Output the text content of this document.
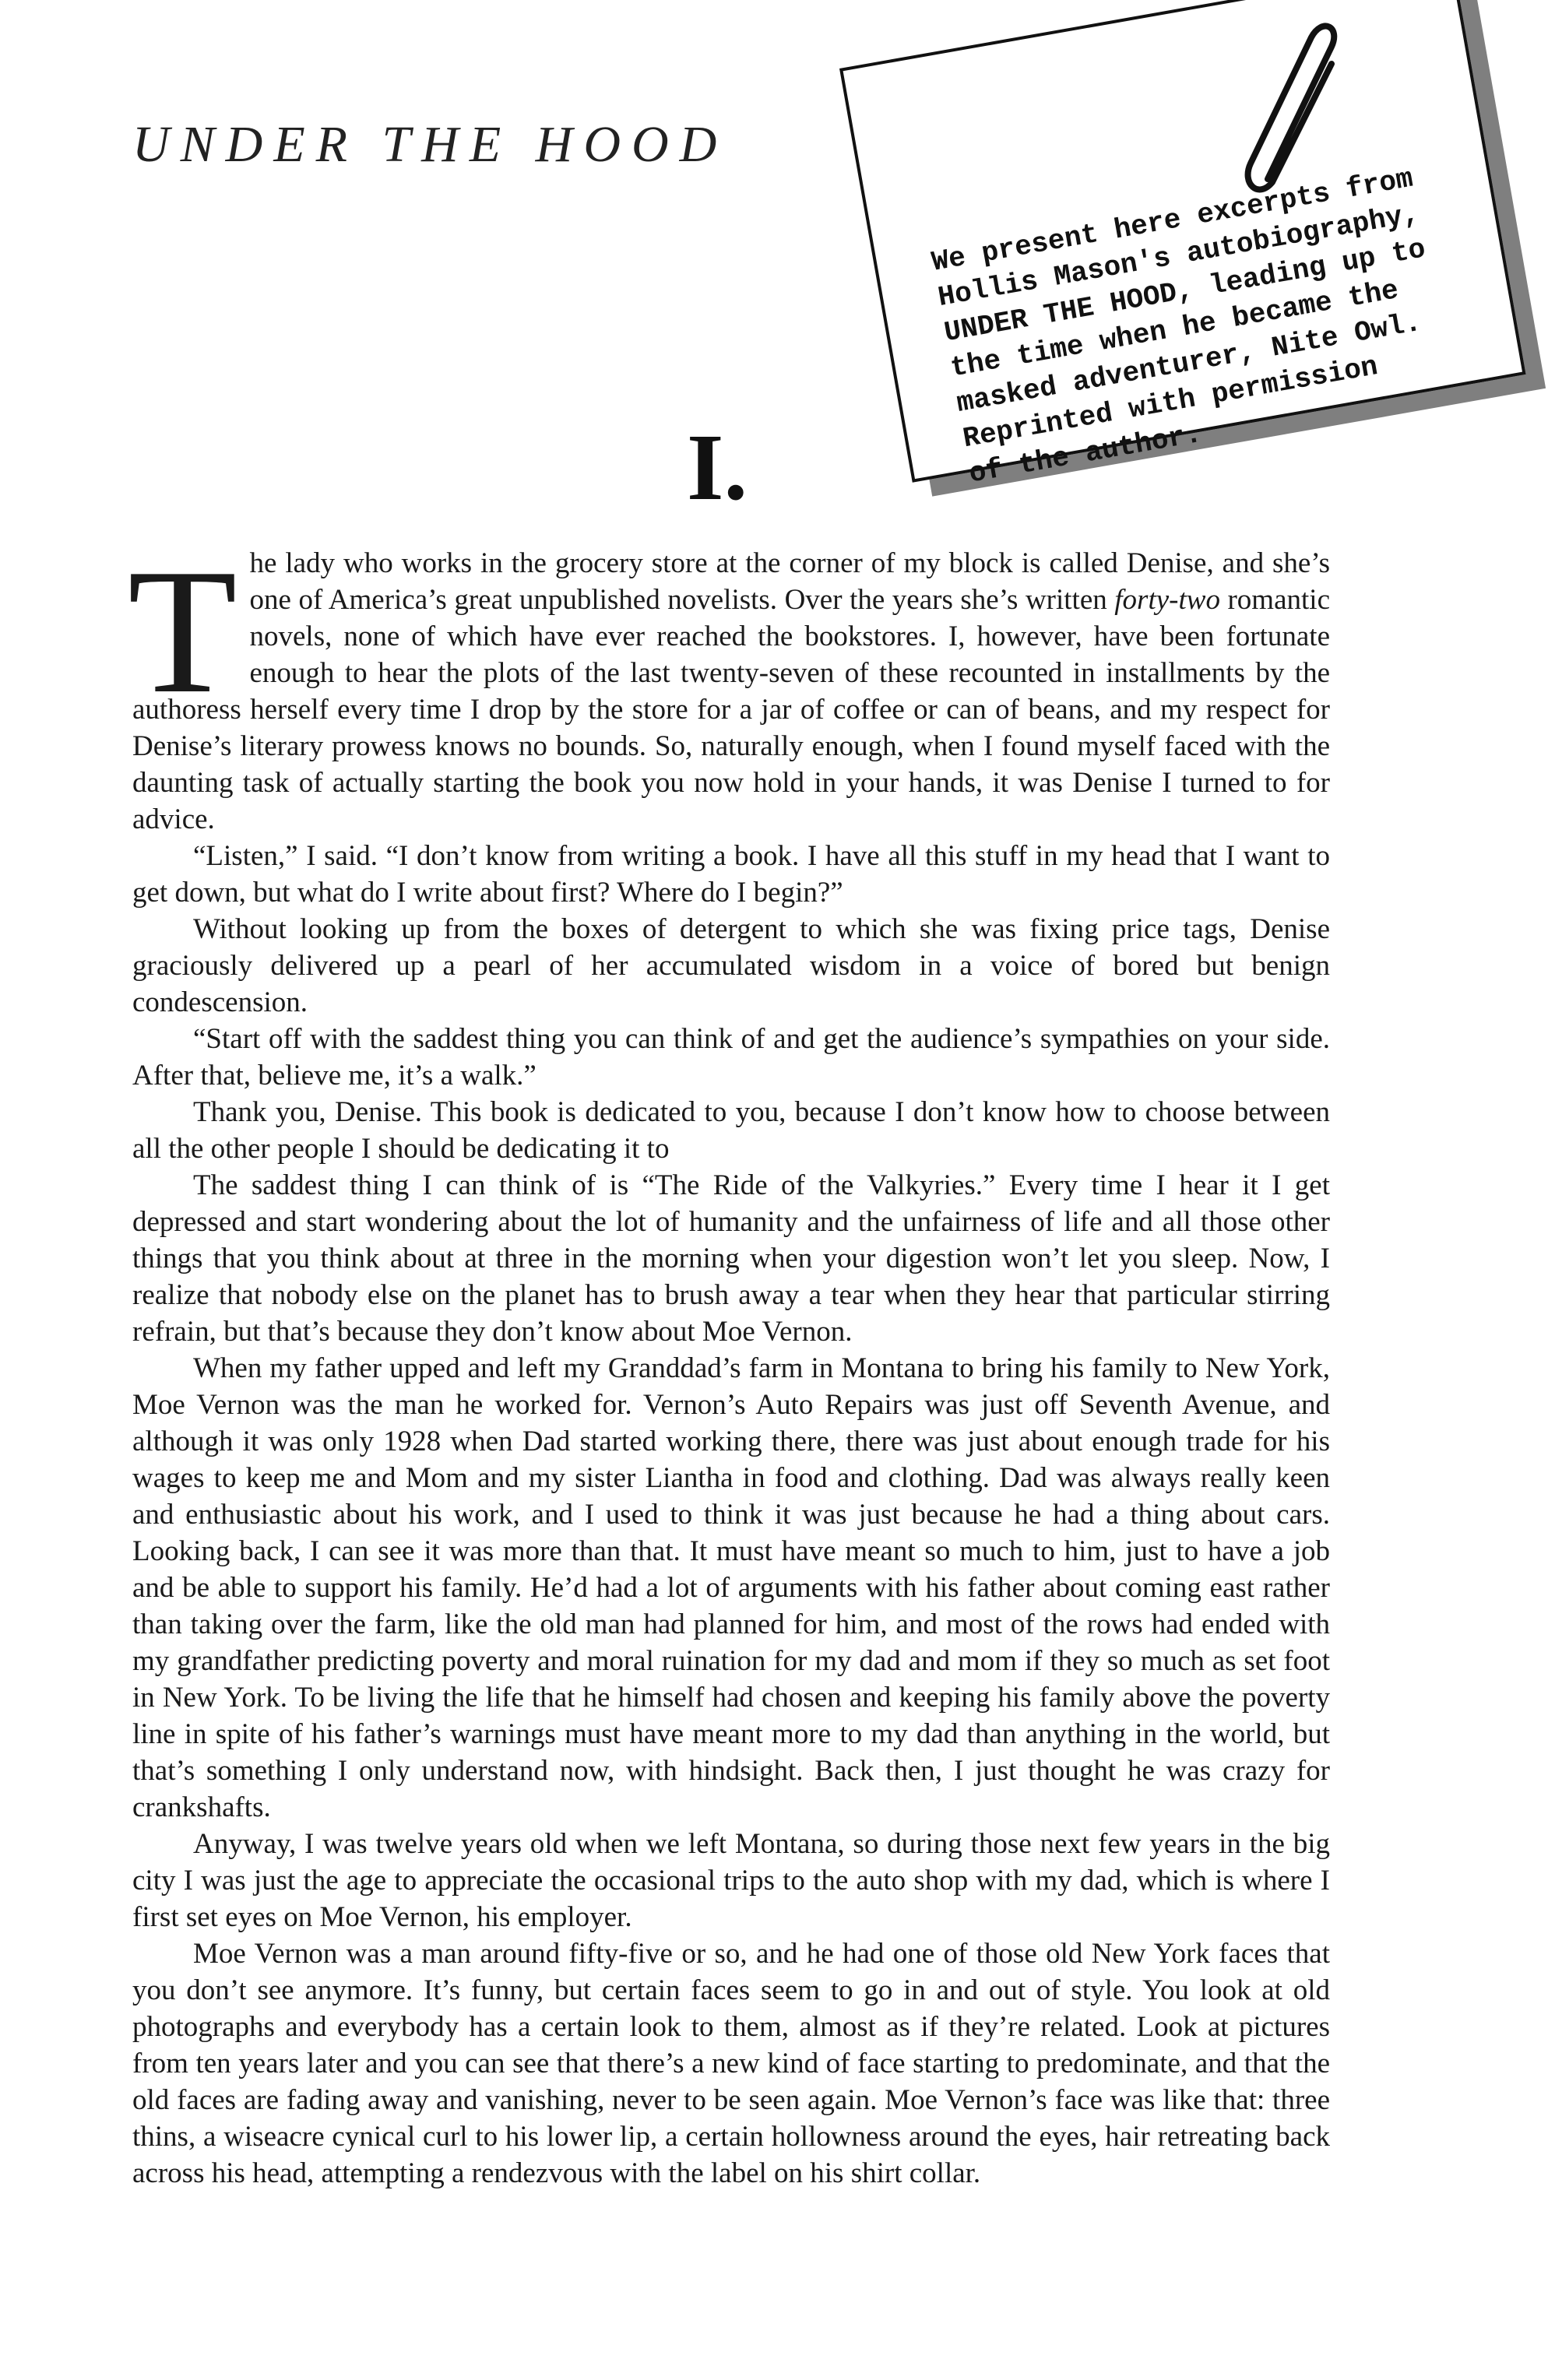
UNDER THE HOOD
I.

We present here excerpts from
Hollis Mason's autobiography,
UNDER THE HOOD, leading up to
the time when he became the
masked adventurer, Nite Owl.
Reprinted with permission
of the author.

The lady who works in the grocery store at the corner of my block is called Denise, and she’s one of America’s great unpublished novelists. Over the years she’s written forty-two romantic novels, none of which have ever reached the bookstores. I, however, have been fortunate enough to hear the plots of the last twenty-seven of these recounted in installments by the authoress herself every time I drop by the store for a jar of coffee or can of beans, and my respect for Denise’s literary prowess knows no bounds. So, naturally enough, when I found myself faced with the daunting task of actually starting the book you now hold in your hands, it was Denise I turned to for advice.

“Listen,” I said. “I don’t know from writing a book. I have all this stuff in my head that I want to get down, but what do I write about first? Where do I begin?”

Without looking up from the boxes of detergent to which she was fixing price tags, Denise graciously delivered up a pearl of her accumulated wisdom in a voice of bored but benign condescension.

“Start off with the saddest thing you can think of and get the audience’s sympathies on your side. After that, believe me, it’s a walk.”

Thank you, Denise. This book is dedicated to you, because I don’t know how to choose between all the other people I should be dedicating it to

The saddest thing I can think of is “The Ride of the Valkyries.” Every time I hear it I get depressed and start wondering about the lot of humanity and the unfairness of life and all those other things that you think about at three in the morning when your digestion won’t let you sleep. Now, I realize that nobody else on the planet has to brush away a tear when they hear that particular stirring refrain, but that’s because they don’t know about Moe Vernon.

When my father upped and left my Granddad’s farm in Montana to bring his family to New York, Moe Vernon was the man he worked for. Vernon’s Auto Repairs was just off Seventh Avenue, and although it was only 1928 when Dad started working there, there was just about enough trade for his wages to keep me and Mom and my sister Liantha in food and clothing. Dad was always really keen and enthusiastic about his work, and I used to think it was just because he had a thing about cars. Looking back, I can see it was more than that. It must have meant so much to him, just to have a job and be able to support his family. He’d had a lot of arguments with his father about coming east rather than taking over the farm, like the old man had planned for him, and most of the rows had ended with my grandfather predicting poverty and moral ruination for my dad and mom if they so much as set foot in New York. To be living the life that he himself had chosen and keeping his family above the poverty line in spite of his father’s warnings must have meant more to my dad than anything in the world, but that’s something I only understand now, with hindsight. Back then, I just thought he was crazy for crankshafts.

Anyway, I was twelve years old when we left Montana, so during those next few years in the big city I was just the age to appreciate the occasional trips to the auto shop with my dad, which is where I first set eyes on Moe Vernon, his employer.

Moe Vernon was a man around fifty-five or so, and he had one of those old New York faces that you don’t see anymore. It’s funny, but certain faces seem to go in and out of style. You look at old photographs and everybody has a certain look to them, almost as if they’re related. Look at pictures from ten years later and you can see that there’s a new kind of face starting to predominate, and that the old faces are fading away and vanishing, never to be seen again. Moe Vernon’s face was like that: three thins, a wiseacre cynical curl to his lower lip, a certain hollowness around the eyes, hair retreating back across his head, attempting a rendezvous with the label on his shirt collar.
